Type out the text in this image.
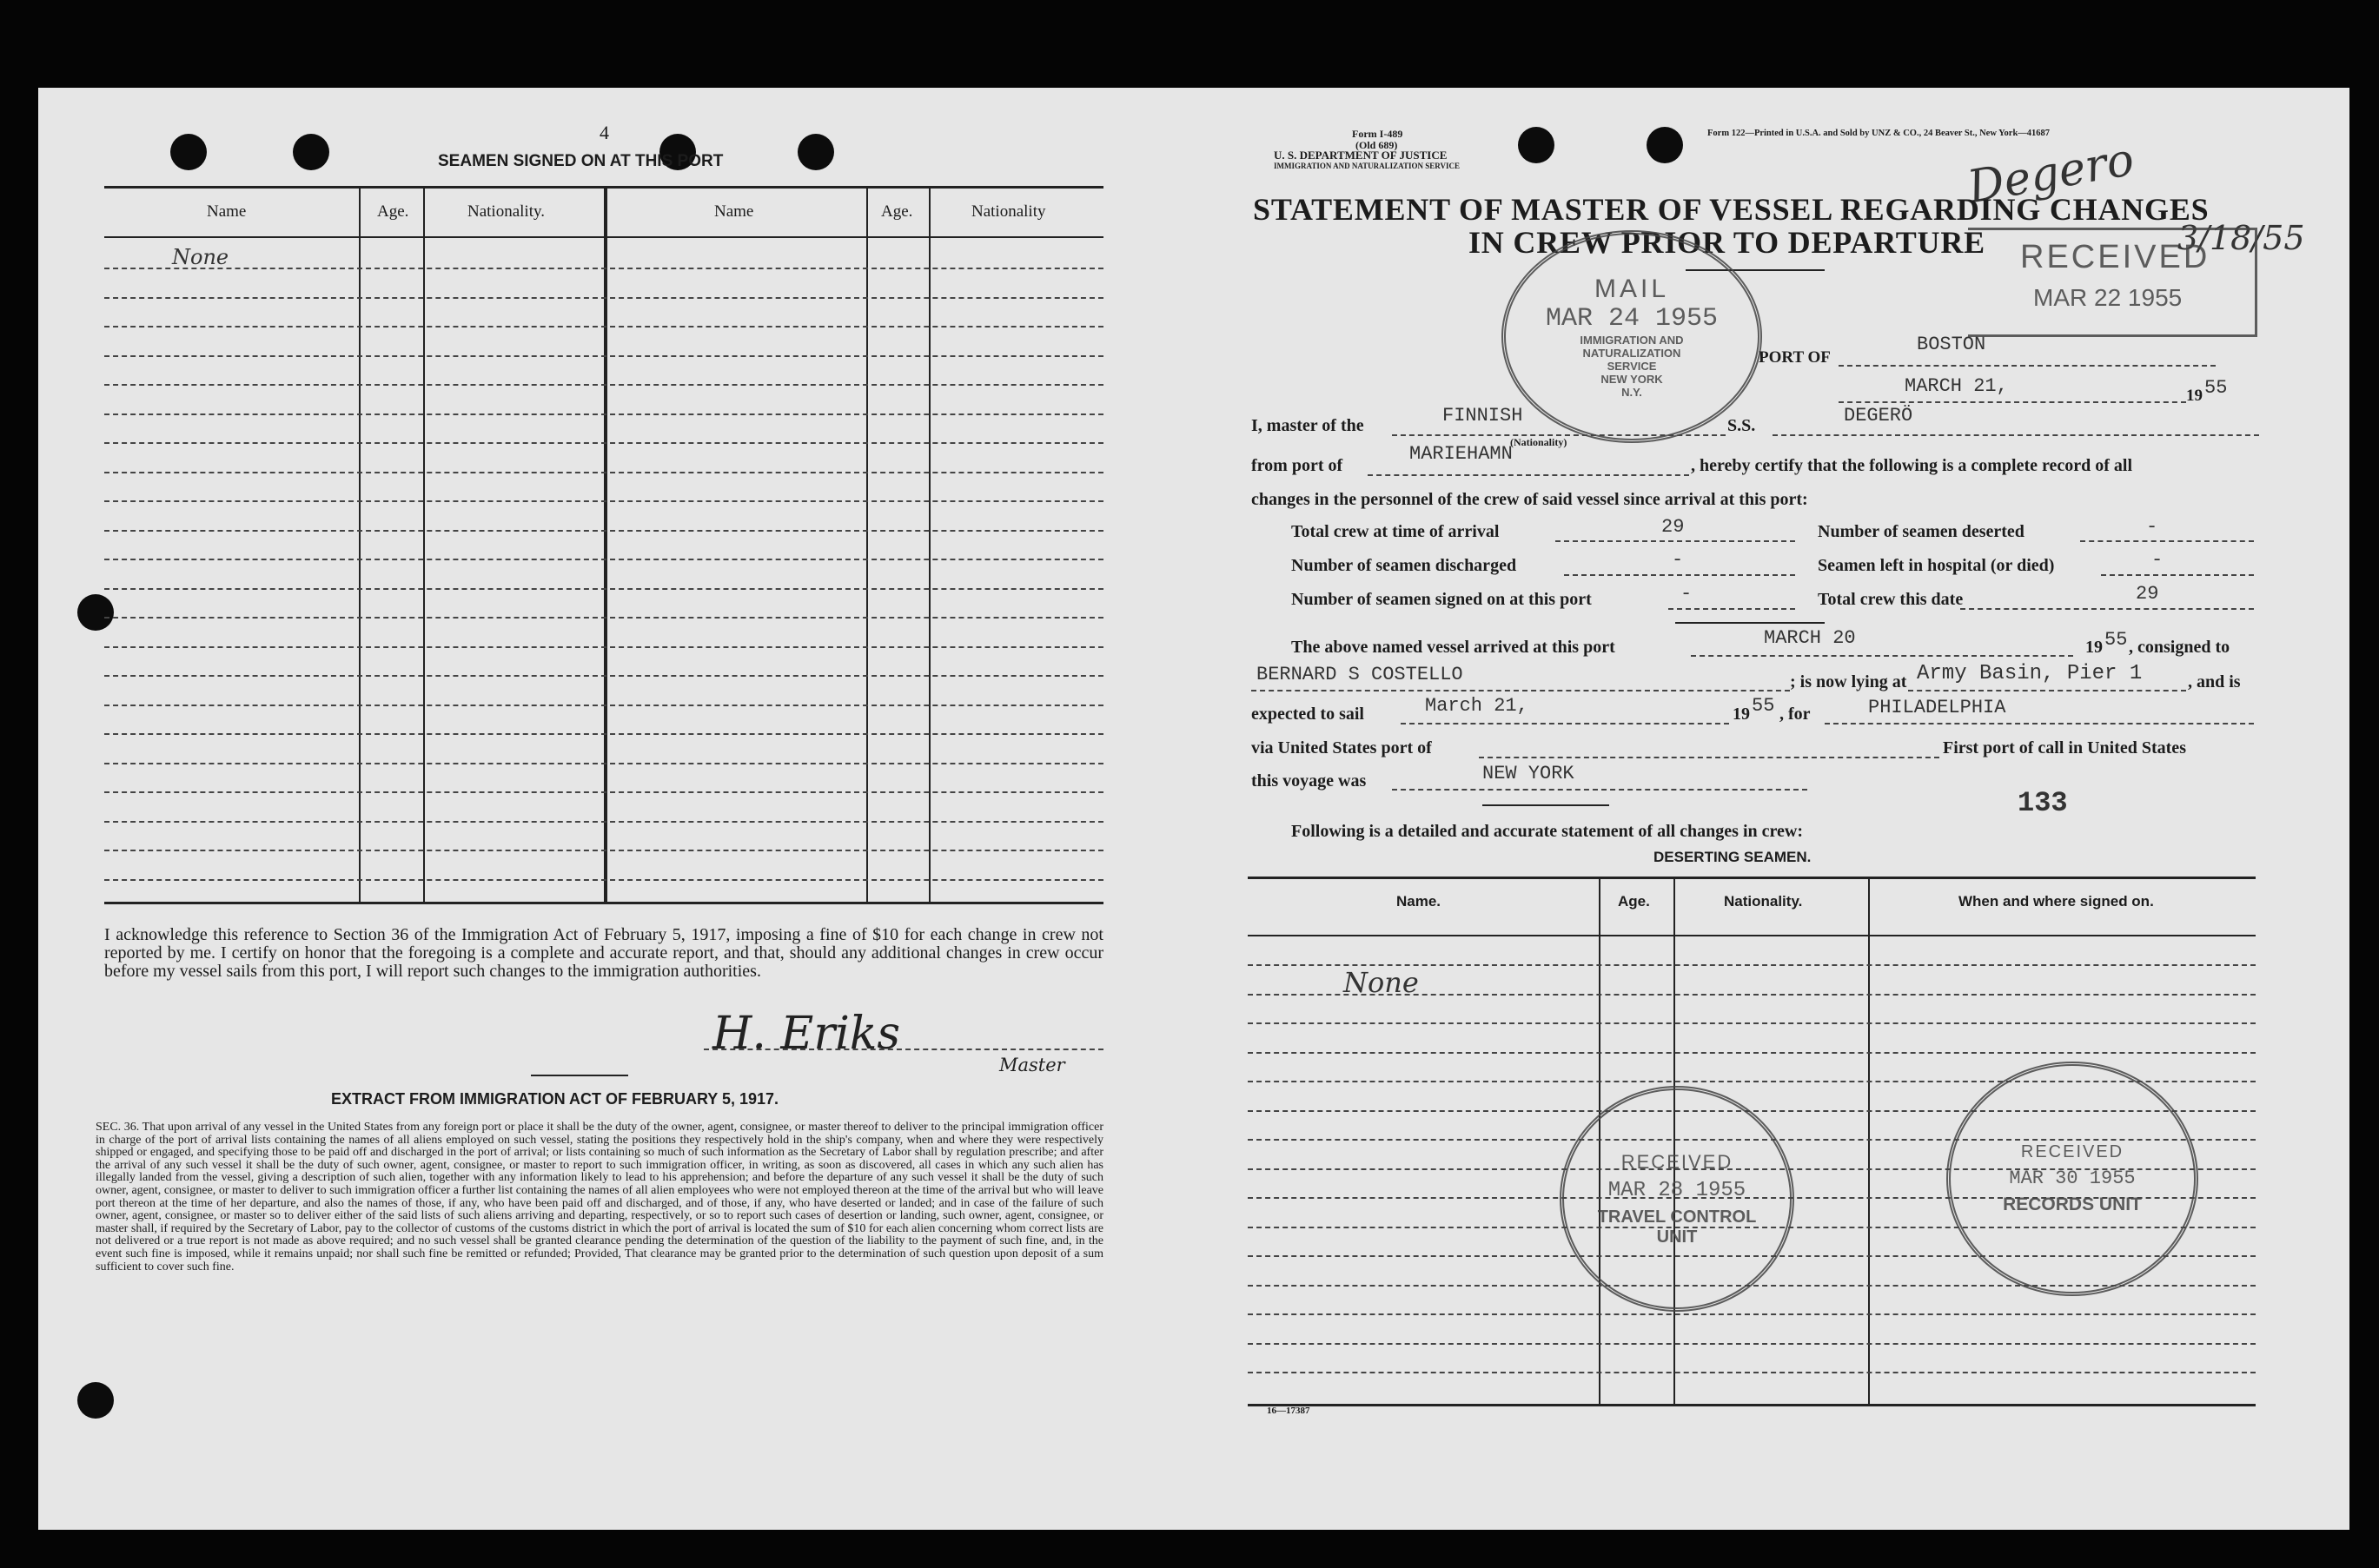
4
SEAMEN SIGNED ON AT THIS PORT
Name	Age.	Nationality.	Name	Age.	Nationality
None
I acknowledge this reference to Section 36 of the Immigration Act of February 5, 1917, imposing a fine of $10 for each change in crew not reported by me. I certify on honor that the foregoing is a complete and accurate report, and that, should any additional changes in crew occur before my vessel sails from this port, I will report such changes to the immigration authorities.
H. Eriks
Master
EXTRACT FROM IMMIGRATION ACT OF FEBRUARY 5, 1917.
SEC. 36. That upon arrival of any vessel in the United States from any foreign port or place it shall be the duty of the owner, agent, consignee, or master thereof to deliver to the principal immigration officer in charge of the port of arrival lists containing the names of all aliens employed on such vessel, stating the positions they respectively hold in the ship's company, when and where they were respectively shipped or engaged, and specifying those to be paid off and discharged in the port of arrival; or lists containing so much of such information as the Secretary of Labor shall by regulation prescribe; and after the arrival of any such vessel it shall be the duty of such owner, agent, consignee, or master to report to such immigration officer, in writing, as soon as discovered, all cases in which any such alien has illegally landed from the vessel, giving a description of such alien, together with any information likely to lead to his apprehension; and before the departure of any such vessel it shall be the duty of such owner, agent, consignee, or master to deliver to such immigration officer a further list containing the names of all alien employees who were not employed thereon at the time of the arrival but who will leave port thereon at the time of her departure, and also the names of those, if any, who have been paid off and discharged, and of those, if any, who have deserted or landed; and in case of the failure of such owner, agent, consignee, or master so to deliver either of the said lists of such aliens arriving and departing, respectively, or so to report such cases of desertion or landing, such owner, agent, consignee, or master shall, if required by the Secretary of Labor, pay to the collector of customs of the customs district in which the port of arrival is located the sum of $10 for each alien concerning whom correct lists are not delivered or a true report is not made as above required; and no such vessel shall be granted clearance pending the determination of the question of the liability to the payment of such fine, and, in the event such fine is imposed, while it remains unpaid; nor shall such fine be remitted or refunded; Provided, That clearance may be granted prior to the determination of such question upon deposit of a sum sufficient to cover such fine.
Form I-489
(Old 689)
U. S. DEPARTMENT OF JUSTICE
IMMIGRATION AND NATURALIZATION SERVICE
Form 122—Printed in U.S.A. and Sold by UNZ & CO., 24 Beaver St., New York—41687
Degero
3/18/55
STATEMENT OF MASTER OF VESSEL REGARDING CHANGES
IN CREW PRIOR TO DEPARTURE RECEIVED
MAR 22 1955
MAIL
MAR 24 1955
IMMIGRATION AND
NATURALIZATION
SERVICE
NEW YORK
N.Y.
PORT OF
BOSTON
MARCH 21,	19 55
I, master of the	FINNISH
(Nationality)
S.S.	DEGERÖ
from port of
MARIEHAMN
, hereby certify that the following is a complete record of all
changes in the personnel of the crew of said vessel since arrival at this port:
Total crew at time of arrival	29	Number of seamen deserted	-
Number of seamen discharged	-	Seamen left in hospital (or died)	-
Number of seamen signed on at this port	-	Total crew this date	29
The above named vessel arrived at this port	MARCH 20	19 55 , consigned to
BERNARD S COSTELLO	; is now lying at Army Basin, Pier 1	, and is
expected to sail	March 21,	19 55 , for	PHILADELPHIA
via United States port of	First port of call in United States
this voyage was	NEW YORK
133
Following is a detailed and accurate statement of all changes in crew:
DESERTING SEAMEN.
Name.	Age.	Nationality.	When and where signed on.
None
RECEIVED
MAR 28 1955
TRAVEL CONTROL UNIT
RECEIVED
MAR 30 1955
RECORDS UNIT
16—17387
